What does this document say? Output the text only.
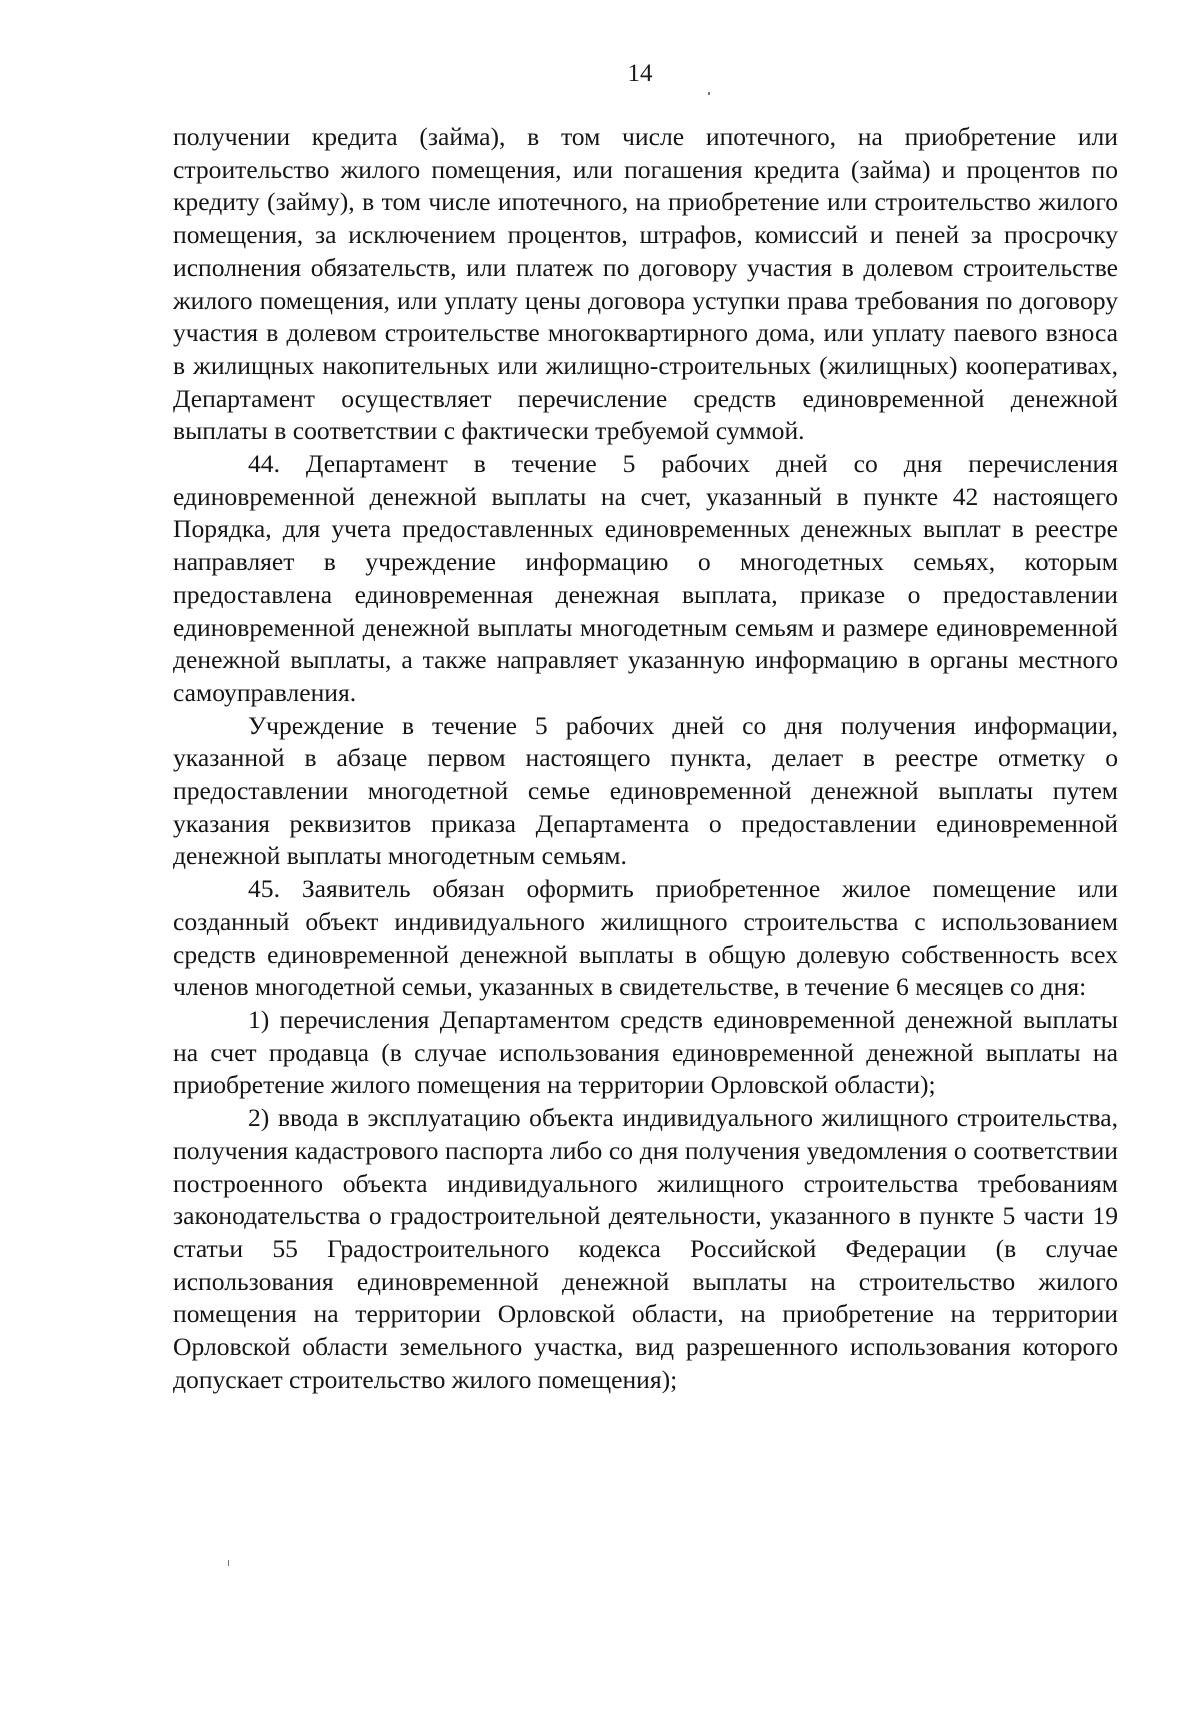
14

получении кредита (займа), в том числе ипотечного, на приобретение или строительство жилого помещения, или погашения кредита (займа) и процентов по кредиту (займу), в том числе ипотечного, на приобретение или строительство жилого помещения, за исключением процентов, штрафов, комиссий и пеней за просрочку исполнения обязательств, или платеж по договору участия в долевом строительстве жилого помещения, или уплату цены договора уступки права требования по договору участия в долевом строительстве многоквартирного дома, или уплату паевого взноса в жилищных накопительных или жилищно-строительных (жилищных) кооперативах, Департамент осуществляет перечисление средств единовременной денежной выплаты в соответствии с фактически требуемой суммой.

44. Департамент в течение 5 рабочих дней со дня перечисления единовременной денежной выплаты на счет, указанный в пункте 42 настоящего Порядка, для учета предоставленных единовременных денежных выплат в реестре направляет в учреждение информацию о многодетных семьях, которым предоставлена единовременная денежная выплата, приказе о предоставлении единовременной денежной выплаты многодетным семьям и размере единовременной денежной выплаты, а также направляет указанную информацию в органы местного самоуправления.

Учреждение в течение 5 рабочих дней со дня получения информации, указанной в абзаце первом настоящего пункта, делает в реестре отметку о предоставлении многодетной семье единовременной денежной выплаты путем указания реквизитов приказа Департамента о предоставлении единовременной денежной выплаты многодетным семьям.

45. Заявитель обязан оформить приобретенное жилое помещение или созданный объект индивидуального жилищного строительства с использованием средств единовременной денежной выплаты в общую долевую собственность всех членов многодетной семьи, указанных в свидетельстве, в течение 6 месяцев со дня:

1) перечисления Департаментом средств единовременной денежной выплаты на счет продавца (в случае использования единовременной денежной выплаты на приобретение жилого помещения на территории Орловской области);

2) ввода в эксплуатацию объекта индивидуального жилищного строительства, получения кадастрового паспорта либо со дня получения уведомления о соответствии построенного объекта индивидуального жилищного строительства требованиям законодательства о градостроительной деятельности, указанного в пункте 5 части 19 статьи 55 Градостроительного кодекса Российской Федерации (в случае использования единовременной денежной выплаты на строительство жилого помещения на территории Орловской области, на приобретение на территории Орловской области земельного участка, вид разрешенного использования которого допускает строительство жилого помещения);
